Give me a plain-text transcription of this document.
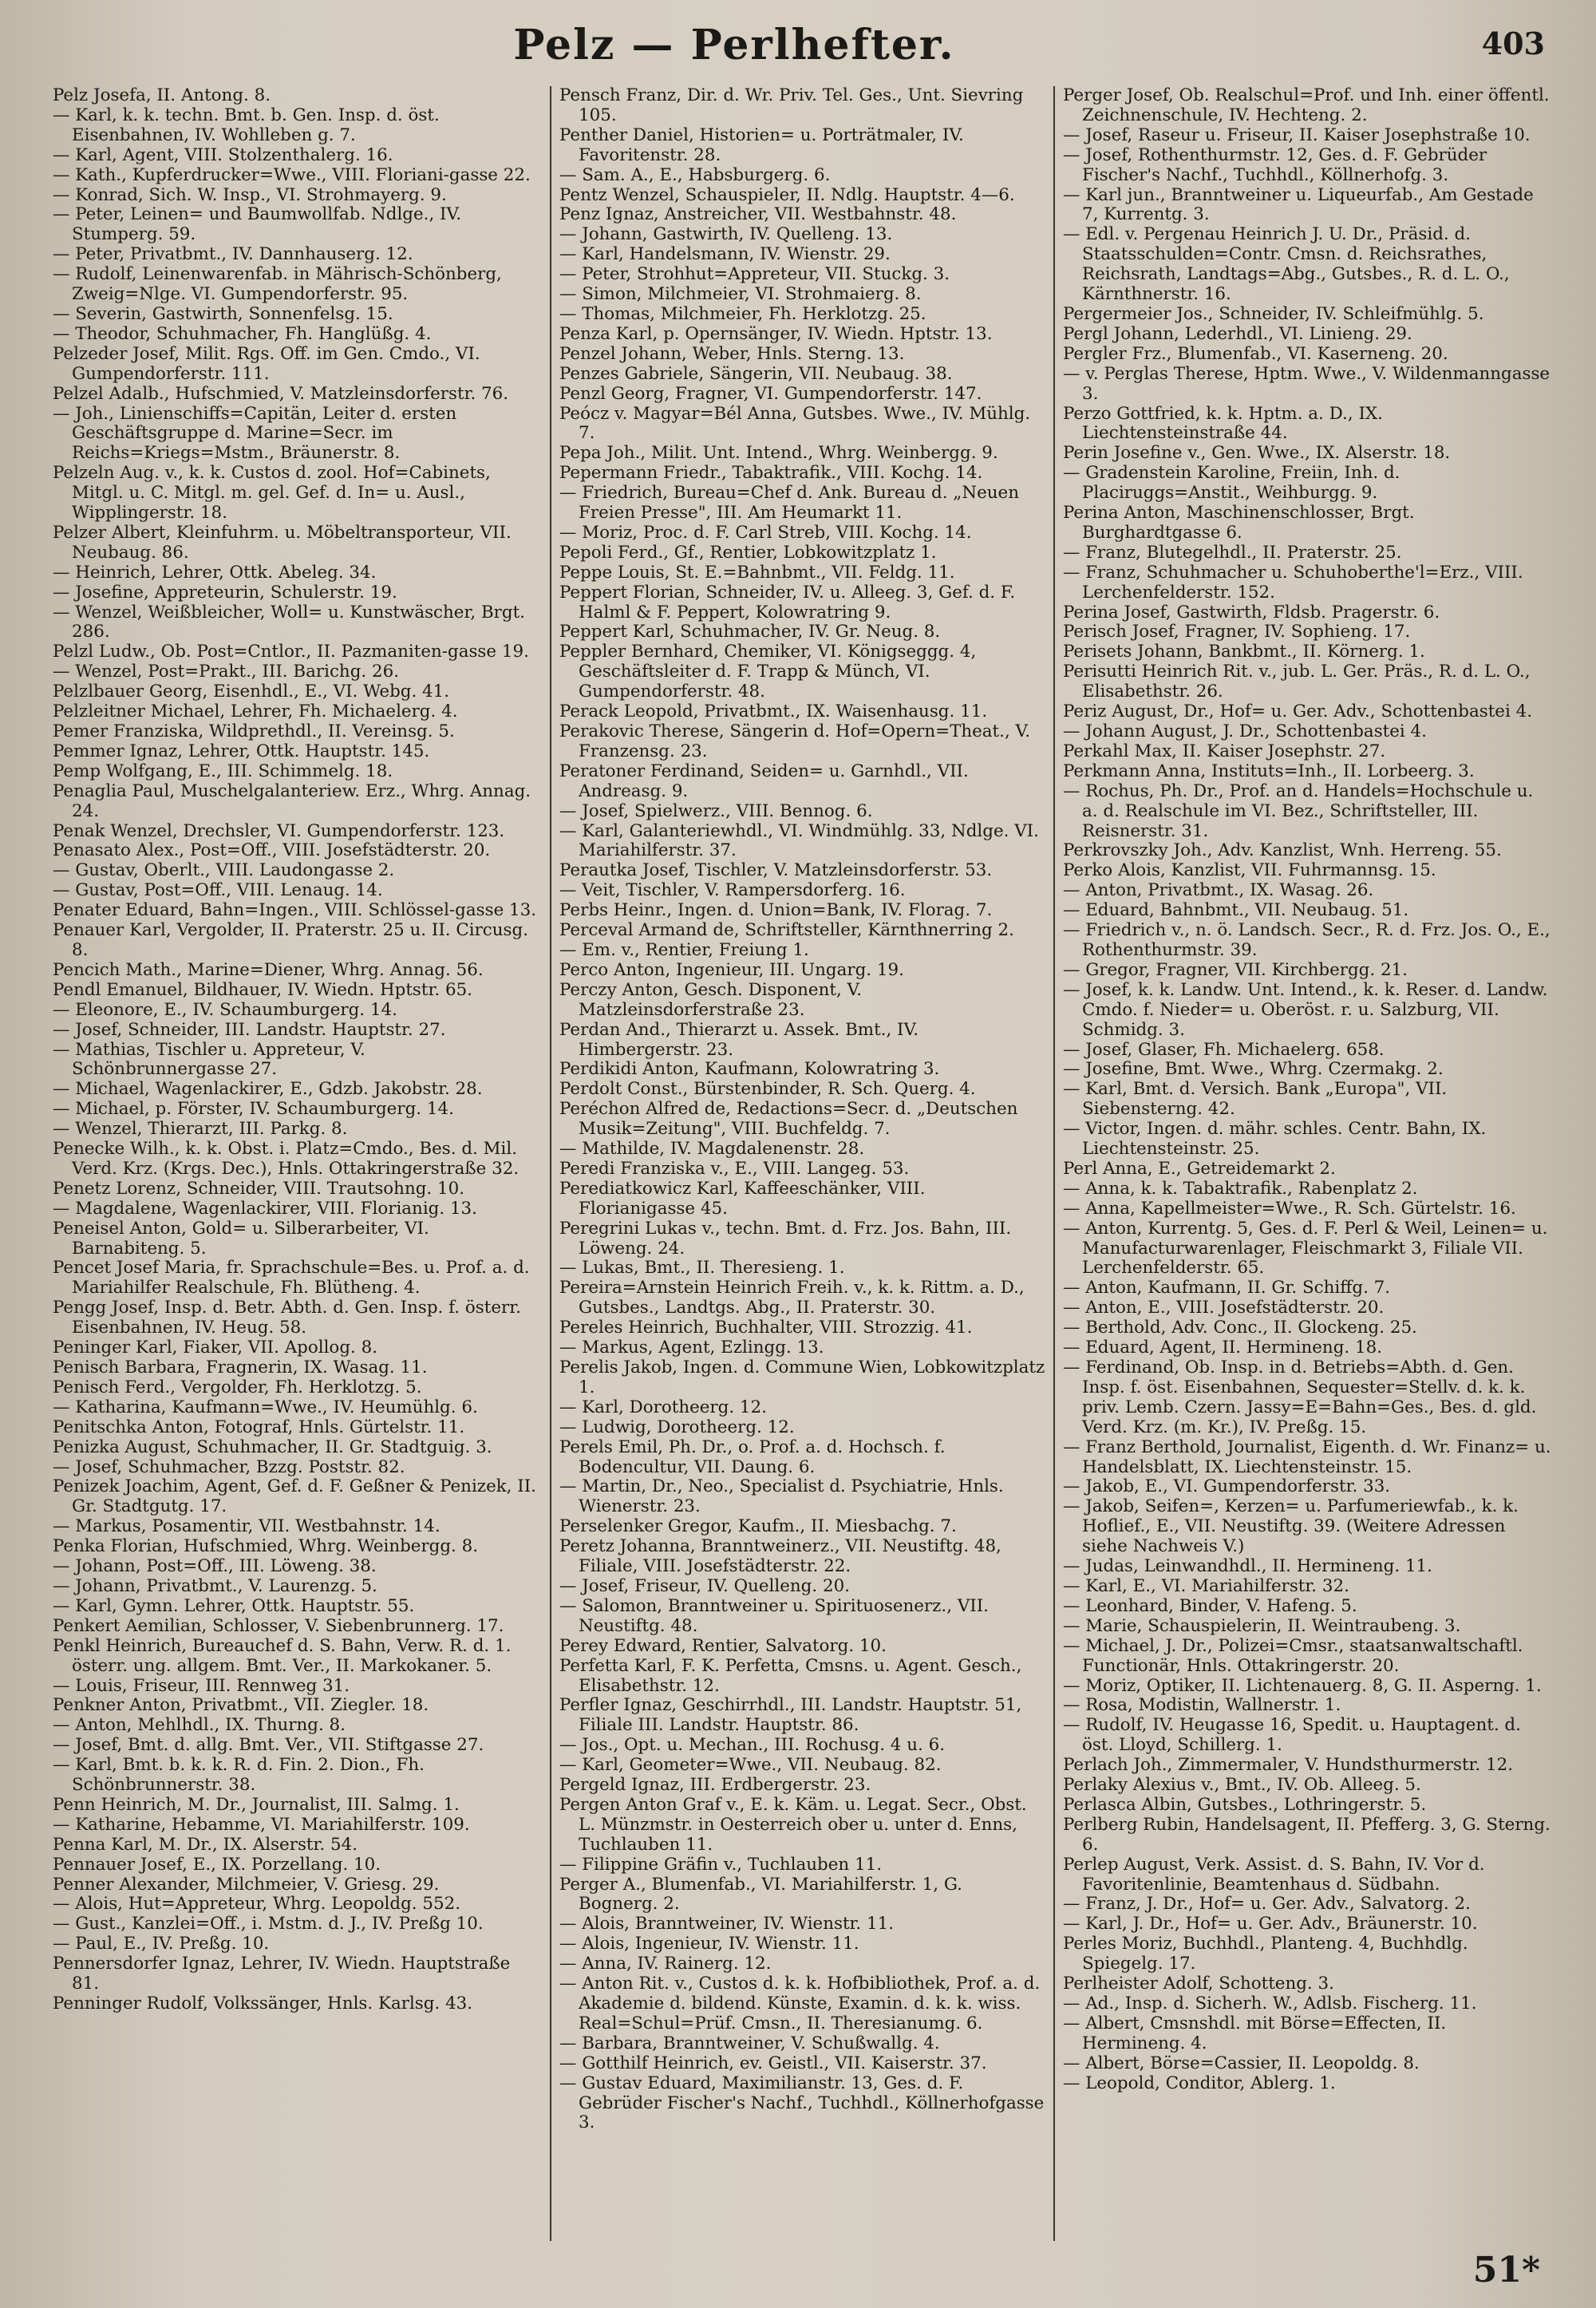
Pelz — Perlhefter.	403

Pelz Josefa, II. Antong. 8.

— Karl, k. k. techn. Bmt. b. Gen. Insp. d. öst. Eisenbahnen, IV. Wohlleben g. 7.

— Karl, Agent, VIII. Stolzenthalerg. 16.

— Kath., Kupferdrucker=Wwe., VIII. Floriani-gasse 22.

— Konrad, Sich. W. Insp., VI. Strohmayerg. 9.

— Peter, Leinen= und Baumwollfab. Ndlge., IV. Stumperg. 59.

— Peter, Privatbmt., IV. Dannhauserg. 12.

— Rudolf, Leinenwarenfab. in Mährisch-Schönberg, Zweig=Nlge. VI. Gumpendorferstr. 95.

— Severin, Gastwirth, Sonnenfelsg. 15.

— Theodor, Schuhmacher, Fh. Hanglüßg. 4.

Pelzeder Josef, Milit. Rgs. Off. im Gen. Cmdo., VI. Gumpendorferstr. 111.

Pelzel Adalb., Hufschmied, V. Matzleinsdorferstr. 76.

— Joh., Linienschiffs=Capitän, Leiter d. ersten Geschäftsgruppe d. Marine=Secr. im Reichs=Kriegs=Mstm., Bräunerstr. 8.

Pelzeln Aug. v., k. k. Custos d. zool. Hof=Cabinets, Mitgl. u. C. Mitgl. m. gel. Gef. d. In= u. Ausl., Wipplingerstr. 18.

Pelzer Albert, Kleinfuhrm. u. Möbeltransporteur, VII. Neubaug. 86.

— Heinrich, Lehrer, Ottk. Abeleg. 34.

— Josefine, Appreteurin, Schulerstr. 19.

— Wenzel, Weißbleicher, Woll= u. Kunstwäscher, Brgt. 286.

Pelzl Ludw., Ob. Post=Cntlor., II. Pazmaniten-gasse 19.

— Wenzel, Post=Prakt., III. Barichg. 26.

Pelzlbauer Georg, Eisenhdl., E., VI. Webg. 41.

Pelzleitner Michael, Lehrer, Fh. Michaelerg. 4.

Pemer Franziska, Wildprethdl., II. Vereinsg. 5.

Pemmer Ignaz, Lehrer, Ottk. Hauptstr. 145.

Pemp Wolfgang, E., III. Schimmelg. 18.

Penaglia Paul, Muschelgalanteriew. Erz., Whrg. Annag. 24.

Penak Wenzel, Drechsler, VI. Gumpendorferstr. 123.

Penasato Alex., Post=Off., VIII. Josefstädterstr. 20.

— Gustav, Oberlt., VIII. Laudongasse 2.

— Gustav, Post=Off., VIII. Lenaug. 14.

Penater Eduard, Bahn=Ingen., VIII. Schlössel-gasse 13.

Penauer Karl, Vergolder, II. Praterstr. 25 u. II. Circusg. 8.

Pencich Math., Marine=Diener, Whrg. Annag. 56.

Pendl Emanuel, Bildhauer, IV. Wiedn. Hptstr. 65.

— Eleonore, E., IV. Schaumburgerg. 14.

— Josef, Schneider, III. Landstr. Hauptstr. 27.

— Mathias, Tischler u. Appreteur, V. Schönbrunnergasse 27.

— Michael, Wagenlackirer, E., Gdzb. Jakobstr. 28.

— Michael, p. Förster, IV. Schaumburgerg. 14.

— Wenzel, Thierarzt, III. Parkg. 8.

Penecke Wilh., k. k. Obst. i. Platz=Cmdo., Bes. d. Mil. Verd. Krz. (Krgs. Dec.), Hnls. Ottakringerstraße 32.

Penetz Lorenz, Schneider, VIII. Trautsohng. 10.

— Magdalene, Wagenlackirer, VIII. Florianig. 13.

Peneisel Anton, Gold= u. Silberarbeiter, VI. Barnabiteng. 5.

Pencet Josef Maria, fr. Sprachschule=Bes. u. Prof. a. d. Mariahilfer Realschule, Fh. Blütheng. 4.

Pengg Josef, Insp. d. Betr. Abth. d. Gen. Insp. f. österr. Eisenbahnen, IV. Heug. 58.

Peninger Karl, Fiaker, VII. Apollog. 8.

Penisch Barbara, Fragnerin, IX. Wasag. 11.

Penisch Ferd., Vergolder, Fh. Herklotzg. 5.

— Katharina, Kaufmann=Wwe., IV. Heumühlg. 6.

Penitschka Anton, Fotograf, Hnls. Gürtelstr. 11.

Penizka August, Schuhmacher, II. Gr. Stadtguig. 3.

— Josef, Schuhmacher, Bzzg. Poststr. 82.

Penizek Joachim, Agent, Gef. d. F. Geßner & Penizek, II. Gr. Stadtgutg. 17.

— Markus, Posamentir, VII. Westbahnstr. 14.

Penka Florian, Hufschmied, Whrg. Weinbergg. 8.

— Johann, Post=Off., III. Löweng. 38.

— Johann, Privatbmt., V. Laurenzg. 5.

— Karl, Gymn. Lehrer, Ottk. Hauptstr. 55.

Penkert Aemilian, Schlosser, V. Siebenbrunnerg. 17.

Penkl Heinrich, Bureauchef d. S. Bahn, Verw. R. d. 1. österr. ung. allgem. Bmt. Ver., II. Markokaner. 5.

— Louis, Friseur, III. Rennweg 31.

Penkner Anton, Privatbmt., VII. Ziegler. 18.

— Anton, Mehlhdl., IX. Thurng. 8.

— Josef, Bmt. d. allg. Bmt. Ver., VII. Stiftgasse 27.

— Karl, Bmt. b. k. k. R. d. Fin. 2. Dion., Fh. Schönbrunnerstr. 38.

Penn Heinrich, M. Dr., Journalist, III. Salmg. 1.

— Katharine, Hebamme, VI. Mariahilferstr. 109.

Penna Karl, M. Dr., IX. Alserstr. 54.

Pennauer Josef, E., IX. Porzellang. 10.

Penner Alexander, Milchmeier, V. Griesg. 29.

— Alois, Hut=Appreteur, Whrg. Leopoldg. 552.

— Gust., Kanzlei=Off., i. Mstm. d. J., IV. Preßg 10.

— Paul, E., IV. Preßg. 10.

Pennersdorfer Ignaz, Lehrer, IV. Wiedn. Hauptstraße 81.

Penninger Rudolf, Volkssänger, Hnls. Karlsg. 43.

Pensch Franz, Dir. d. Wr. Priv. Tel. Ges., Unt. Sievring 105.

Penther Daniel, Historien= u. Porträtmaler, IV. Favoritenstr. 28.

— Sam. A., E., Habsburgerg. 6.

Pentz Wenzel, Schauspieler, II. Ndlg. Hauptstr. 4—6.

Penz Ignaz, Anstreicher, VII. Westbahnstr. 48.

— Johann, Gastwirth, IV. Quelleng. 13.

— Karl, Handelsmann, IV. Wienstr. 29.

— Peter, Strohhut=Appreteur, VII. Stuckg. 3.

— Simon, Milchmeier, VI. Strohmaierg. 8.

— Thomas, Milchmeier, Fh. Herklotzg. 25.

Penza Karl, p. Opernsänger, IV. Wiedn. Hptstr. 13.

Penzel Johann, Weber, Hnls. Sterng. 13.

Penzes Gabriele, Sängerin, VII. Neubaug. 38.

Penzl Georg, Fragner, VI. Gumpendorferstr. 147.

Peócz v. Magyar=Bél Anna, Gutsbes. Wwe., IV. Mühlg. 7.

Pepa Joh., Milit. Unt. Intend., Whrg. Weinbergg. 9.

Pepermann Friedr., Tabaktrafik., VIII. Kochg. 14.

— Friedrich, Bureau=Chef d. Ank. Bureau d. „Neuen Freien Presse", III. Am Heumarkt 11.

— Moriz, Proc. d. F. Carl Streb, VIII. Kochg. 14.

Pepoli Ferd., Gf., Rentier, Lobkowitzplatz 1.

Peppe Louis, St. E.=Bahnbmt., VII. Feldg. 11.

Peppert Florian, Schneider, IV. u. Alleeg. 3, Gef. d. F. Halml & F. Peppert, Kolowratring 9.

Peppert Karl, Schuhmacher, IV. Gr. Neug. 8.

Peppler Bernhard, Chemiker, VI. Königseggg. 4, Geschäftsleiter d. F. Trapp & Münch, VI. Gumpendorferstr. 48.

Perack Leopold, Privatbmt., IX. Waisenhausg. 11.

Perakovic Therese, Sängerin d. Hof=Opern=Theat., V. Franzensg. 23.

Peratoner Ferdinand, Seiden= u. Garnhdl., VII. Andreasg. 9.

— Josef, Spielwerz., VIII. Bennog. 6.

— Karl, Galanteriewhdl., VI. Windmühlg. 33, Ndlge. VI. Mariahilferstr. 37.

Perautka Josef, Tischler, V. Matzleinsdorferstr. 53.

— Veit, Tischler, V. Rampersdorferg. 16.

Perbs Heinr., Ingen. d. Union=Bank, IV. Florag. 7.

Perceval Armand de, Schriftsteller, Kärnthnerring 2.

— Em. v., Rentier, Freiung 1.

Perco Anton, Ingenieur, III. Ungarg. 19.

Perczy Anton, Gesch. Disponent, V. Matzleinsdorferstraße 23.

Perdan And., Thierarzt u. Assek. Bmt., IV. Himbergerstr. 23.

Perdikidi Anton, Kaufmann, Kolowratring 3.

Perdolt Const., Bürstenbinder, R. Sch. Querg. 4.

Peréchon Alfred de, Redactions=Secr. d. „Deutschen Musik=Zeitung", VIII. Buchfeldg. 7.

— Mathilde, IV. Magdalenenstr. 28.

Peredi Franziska v., E., VIII. Langeg. 53.

Perediatkowicz Karl, Kaffeeschänker, VIII. Florianigasse 45.

Peregrini Lukas v., techn. Bmt. d. Frz. Jos. Bahn, III. Löweng. 24.

— Lukas, Bmt., II. Theresieng. 1.

Pereira=Arnstein Heinrich Freih. v., k. k. Rittm. a. D., Gutsbes., Landtgs. Abg., II. Praterstr. 30.

Pereles Heinrich, Buchhalter, VIII. Strozzig. 41.

— Markus, Agent, Ezlingg. 13.

Perelis Jakob, Ingen. d. Commune Wien, Lobkowitzplatz 1.

— Karl, Dorotheerg. 12.

— Ludwig, Dorotheerg. 12.

Perels Emil, Ph. Dr., o. Prof. a. d. Hochsch. f. Bodencultur, VII. Daung. 6.

— Martin, Dr., Neo., Specialist d. Psychiatrie, Hnls. Wienerstr. 23.

Perselenker Gregor, Kaufm., II. Miesbachg. 7.

Peretz Johanna, Branntweinerz., VII. Neustiftg. 48, Filiale, VIII. Josefstädterstr. 22.

— Josef, Friseur, IV. Quelleng. 20.

— Salomon, Branntweiner u. Spirituosenerz., VII. Neustiftg. 48.

Perey Edward, Rentier, Salvatorg. 10.

Perfetta Karl, F. K. Perfetta, Cmsns. u. Agent. Gesch., Elisabethstr. 12.

Perfler Ignaz, Geschirrhdl., III. Landstr. Hauptstr. 51, Filiale III. Landstr. Hauptstr. 86.

— Jos., Opt. u. Mechan., III. Rochusg. 4 u. 6.

— Karl, Geometer=Wwe., VII. Neubaug. 82.

Pergeld Ignaz, III. Erdbergerstr. 23.

Pergen Anton Graf v., E. k. Käm. u. Legat. Secr., Obst. L. Münzmstr. in Oesterreich ober u. unter d. Enns, Tuchlauben 11.

— Filippine Gräfin v., Tuchlauben 11.

Perger A., Blumenfab., VI. Mariahilferstr. 1, G. Bognerg. 2.

— Alois, Branntweiner, IV. Wienstr. 11.

— Alois, Ingenieur, IV. Wienstr. 11.

— Anna, IV. Rainerg. 12.

— Anton Rit. v., Custos d. k. k. Hofbibliothek, Prof. a. d. Akademie d. bildend. Künste, Examin. d. k. k. wiss. Real=Schul=Prüf. Cmsn., II. Theresianumg. 6.

— Barbara, Branntweiner, V. Schußwallg. 4.

— Gotthilf Heinrich, ev. Geistl., VII. Kaiserstr. 37.

— Gustav Eduard, Maximilianstr. 13, Ges. d. F. Gebrüder Fischer's Nachf., Tuchhdl., Köllnerhofgasse 3.

Perger Josef, Ob. Realschul=Prof. und Inh. einer öffentl. Zeichnenschule, IV. Hechteng. 2.

— Josef, Raseur u. Friseur, II. Kaiser Josephstraße 10.

— Josef, Rothenthurmstr. 12, Ges. d. F. Gebrüder Fischer's Nachf., Tuchhdl., Köllnerhofg. 3.

— Karl jun., Branntweiner u. Liqueurfab., Am Gestade 7, Kurrentg. 3.

— Edl. v. Pergenau Heinrich J. U. Dr., Präsid. d. Staatsschulden=Contr. Cmsn. d. Reichsrathes, Reichsrath, Landtags=Abg., Gutsbes., R. d. L. O., Kärnthnerstr. 16.

Pergermeier Jos., Schneider, IV. Schleifmühlg. 5.

Pergl Johann, Lederhdl., VI. Linieng. 29.

Pergler Frz., Blumenfab., VI. Kaserneng. 20.

— v. Perglas Therese, Hptm. Wwe., V. Wildenmanngasse 3.

Perzo Gottfried, k. k. Hptm. a. D., IX. Liechtensteinstraße 44.

Perin Josefine v., Gen. Wwe., IX. Alserstr. 18.

— Gradenstein Karoline, Freiin, Inh. d. Placiruggs=Anstit., Weihburgg. 9.

Perina Anton, Maschinenschlosser, Brgt. Burghardtgasse 6.

— Franz, Blutegelhdl., II. Praterstr. 25.

— Franz, Schuhmacher u. Schuhoberthe'l=Erz., VIII. Lerchenfelderstr. 152.

Perina Josef, Gastwirth, Fldsb. Pragerstr. 6.

Perisch Josef, Fragner, IV. Sophieng. 17.

Perisets Johann, Bankbmt., II. Körnerg. 1.

Perisutti Heinrich Rit. v., jub. L. Ger. Präs., R. d. L. O., Elisabethstr. 26.

Periz August, Dr., Hof= u. Ger. Adv., Schottenbastei 4.

— Johann August, J. Dr., Schottenbastei 4.

Perkahl Max, II. Kaiser Josephstr. 27.

Perkmann Anna, Instituts=Inh., II. Lorbeerg. 3.

— Rochus, Ph. Dr., Prof. an d. Handels=Hochschule u. a. d. Realschule im VI. Bez., Schriftsteller, III. Reisnerstr. 31.

Perkrovszky Joh., Adv. Kanzlist, Wnh. Herreng. 55.

Perko Alois, Kanzlist, VII. Fuhrmannsg. 15.

— Anton, Privatbmt., IX. Wasag. 26.

— Eduard, Bahnbmt., VII. Neubaug. 51.

— Friedrich v., n. ö. Landsch. Secr., R. d. Frz. Jos. O., E., Rothenthurmstr. 39.

— Gregor, Fragner, VII. Kirchbergg. 21.

— Josef, k. k. Landw. Unt. Intend., k. k. Reser. d. Landw. Cmdo. f. Nieder= u. Oberöst. r. u. Salzburg, VII. Schmidg. 3.

— Josef, Glaser, Fh. Michaelerg. 658.

— Josefine, Bmt. Wwe., Whrg. Czermakg. 2.

— Karl, Bmt. d. Versich. Bank „Europa", VII. Siebensterng. 42.

— Victor, Ingen. d. mähr. schles. Centr. Bahn, IX. Liechtensteinstr. 25.

Perl Anna, E., Getreidemarkt 2.

— Anna, k. k. Tabaktrafik., Rabenplatz 2.

— Anna, Kapellmeister=Wwe., R. Sch. Gürtelstr. 16.

— Anton, Kurrentg. 5, Ges. d. F. Perl & Weil, Leinen= u. Manufacturwarenlager, Fleischmarkt 3, Filiale VII. Lerchenfelderstr. 65.

— Anton, Kaufmann, II. Gr. Schiffg. 7.

— Anton, E., VIII. Josefstädterstr. 20.

— Berthold, Adv. Conc., II. Glockeng. 25.

— Eduard, Agent, II. Hermineng. 18.

— Ferdinand, Ob. Insp. in d. Betriebs=Abth. d. Gen. Insp. f. öst. Eisenbahnen, Sequester=Stellv. d. k. k. priv. Lemb. Czern. Jassy=E=Bahn=Ges., Bes. d. gld. Verd. Krz. (m. Kr.), IV. Preßg. 15.

— Franz Berthold, Journalist, Eigenth. d. Wr. Finanz= u. Handelsblatt, IX. Liechtensteinstr. 15.

— Jakob, E., VI. Gumpendorferstr. 33.

— Jakob, Seifen=, Kerzen= u. Parfumeriewfab., k. k. Hoflief., E., VII. Neustiftg. 39. (Weitere Adressen siehe Nachweis V.)

— Judas, Leinwandhdl., II. Hermineng. 11.

— Karl, E., VI. Mariahilferstr. 32.

— Leonhard, Binder, V. Hafeng. 5.

— Marie, Schauspielerin, II. Weintraubeng. 3.

— Michael, J. Dr., Polizei=Cmsr., staatsanwaltschaftl. Functionär, Hnls. Ottakringerstr. 20.

— Moriz, Optiker, II. Lichtenauerg. 8, G. II. Asperng. 1.

— Rosa, Modistin, Wallnerstr. 1.

— Rudolf, IV. Heugasse 16, Spedit. u. Hauptagent. d. öst. Lloyd, Schillerg. 1.

Perlach Joh., Zimmermaler, V. Hundsthurmerstr. 12.

Perlaky Alexius v., Bmt., IV. Ob. Alleeg. 5.

Perlasca Albin, Gutsbes., Lothringerstr. 5.

Perlberg Rubin, Handelsagent, II. Pfefferg. 3, G. Sterng. 6.

Perlep August, Verk. Assist. d. S. Bahn, IV. Vor d. Favoritenlinie, Beamtenhaus d. Südbahn.

— Franz, J. Dr., Hof= u. Ger. Adv., Salvatorg. 2.

— Karl, J. Dr., Hof= u. Ger. Adv., Bräunerstr. 10.

Perles Moriz, Buchhdl., Planteng. 4, Buchhdlg. Spiegelg. 17.

Perlheister Adolf, Schotteng. 3.

— Ad., Insp. d. Sicherh. W., Adlsb. Fischerg. 11.

— Albert, Cmsnshdl. mit Börse=Effecten, II. Hermineng. 4.

— Albert, Börse=Cassier, II. Leopoldg. 8.

— Leopold, Conditor, Ablerg. 1.

51*
